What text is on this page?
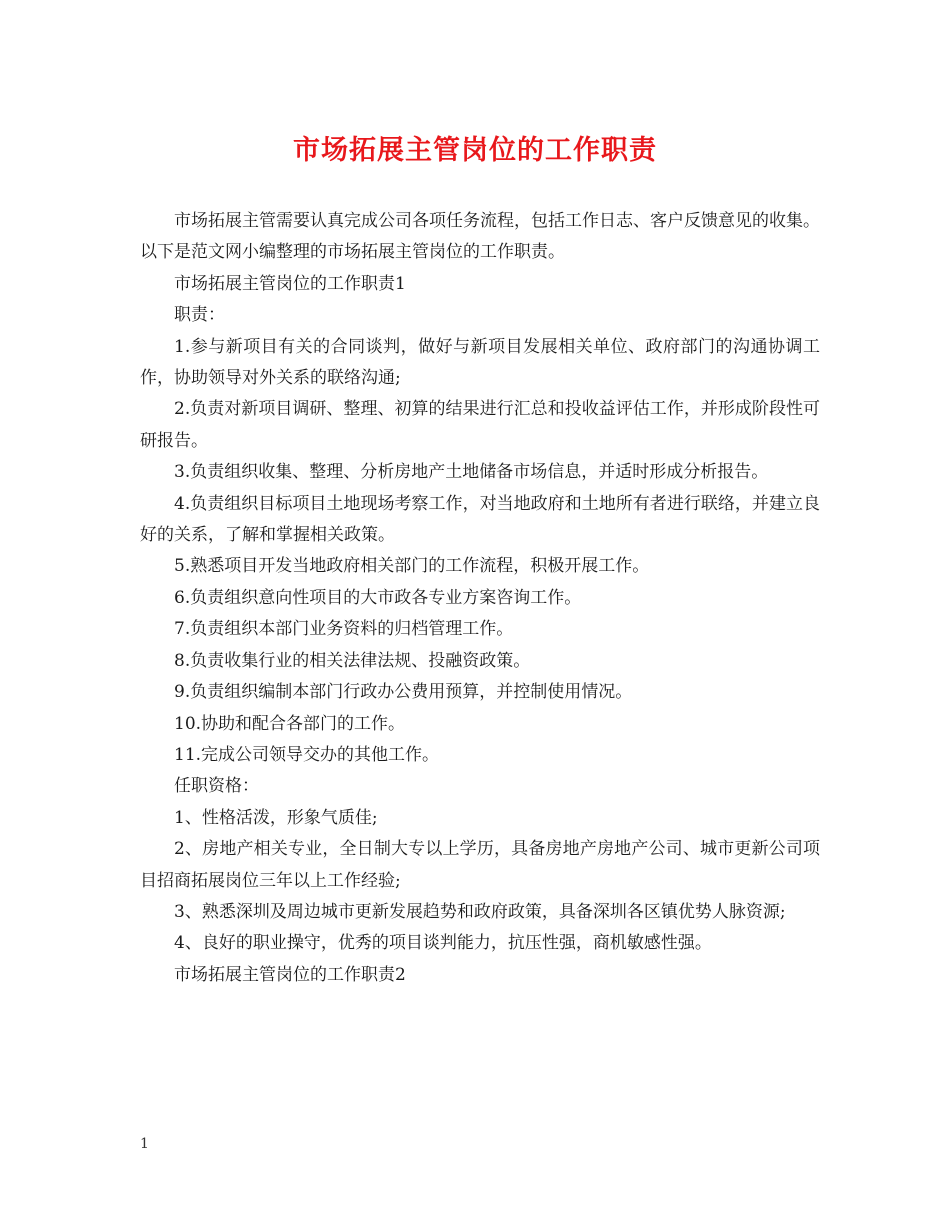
市场拓展主管岗位的工作职责

市场拓展主管需要认真完成公司各项任务流程，包括工作日志、客户反馈意见的收集。以下是范文网小编整理的市场拓展主管岗位的工作职责。

市场拓展主管岗位的工作职责1

职责：

1.参与新项目有关的合同谈判，做好与新项目发展相关单位、政府部门的沟通协调工作，协助领导对外关系的联络沟通;

2.负责对新项目调研、整理、初算的结果进行汇总和投收益评估工作，并形成阶段性可研报告。

3.负责组织收集、整理、分析房地产土地储备市场信息，并适时形成分析报告。

4.负责组织目标项目土地现场考察工作，对当地政府和土地所有者进行联络，并建立良好的关系，了解和掌握相关政策。

5.熟悉项目开发当地政府相关部门的工作流程，积极开展工作。

6.负责组织意向性项目的大市政各专业方案咨询工作。

7.负责组织本部门业务资料的归档管理工作。

8.负责收集行业的相关法律法规、投融资政策。

9.负责组织编制本部门行政办公费用预算，并控制使用情况。

10.协助和配合各部门的工作。

11.完成公司领导交办的其他工作。

任职资格：

1、性格活泼，形象气质佳;

2、房地产相关专业，全日制大专以上学历，具备房地产房地产公司、城市更新公司项目招商拓展岗位三年以上工作经验;

3、熟悉深圳及周边城市更新发展趋势和政府政策，具备深圳各区镇优势人脉资源;

4、良好的职业操守，优秀的项目谈判能力，抗压性强，商机敏感性强。

市场拓展主管岗位的工作职责2

1
